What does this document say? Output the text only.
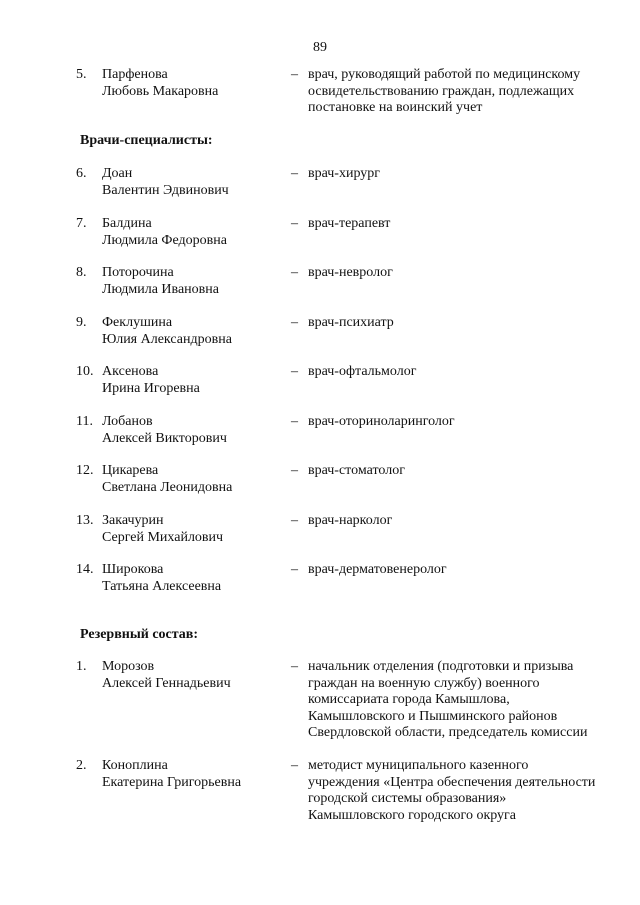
89
5. Парфенова
Любовь Макаровна
– врач, руководящий работой по медицинскому
освидетельствованию граждан, подлежащих
постановке на воинский учет
Врачи-специалисты:
6. Доан
Валентин Эдвинович
– врач-хирург
7. Балдина
Людмила Федоровна
– врач-терапевт
8. Поторочина
Людмила Ивановна
– врач-невролог
9. Феклушина
Юлия Александровна
– врач-психиатр
10. Аксенова
Ирина Игоревна
– врач-офтальмолог
11. Лобанов
Алексей Викторович
– врач-оториноларинголог
12. Цикарева
Светлана Леонидовна
– врач-стоматолог
13. Закачурин
Сергей Михайлович
– врач-нарколог
14. Широкова
Татьяна Алексеевна
– врач-дерматовенеролог
Резервный состав:
1. Морозов
Алексей Геннадьевич
– начальник отделения (подготовки и призыва
граждан на военную службу) военного
комиссариата города Камышлова,
Камышловского и Пышминского районов
Свердловской области, председатель комиссии
2. Коноплина
Екатерина Григорьевна
– методист муниципального казенного
учреждения «Центра обеспечения деятельности
городской системы образования»
Камышловского городского округа
